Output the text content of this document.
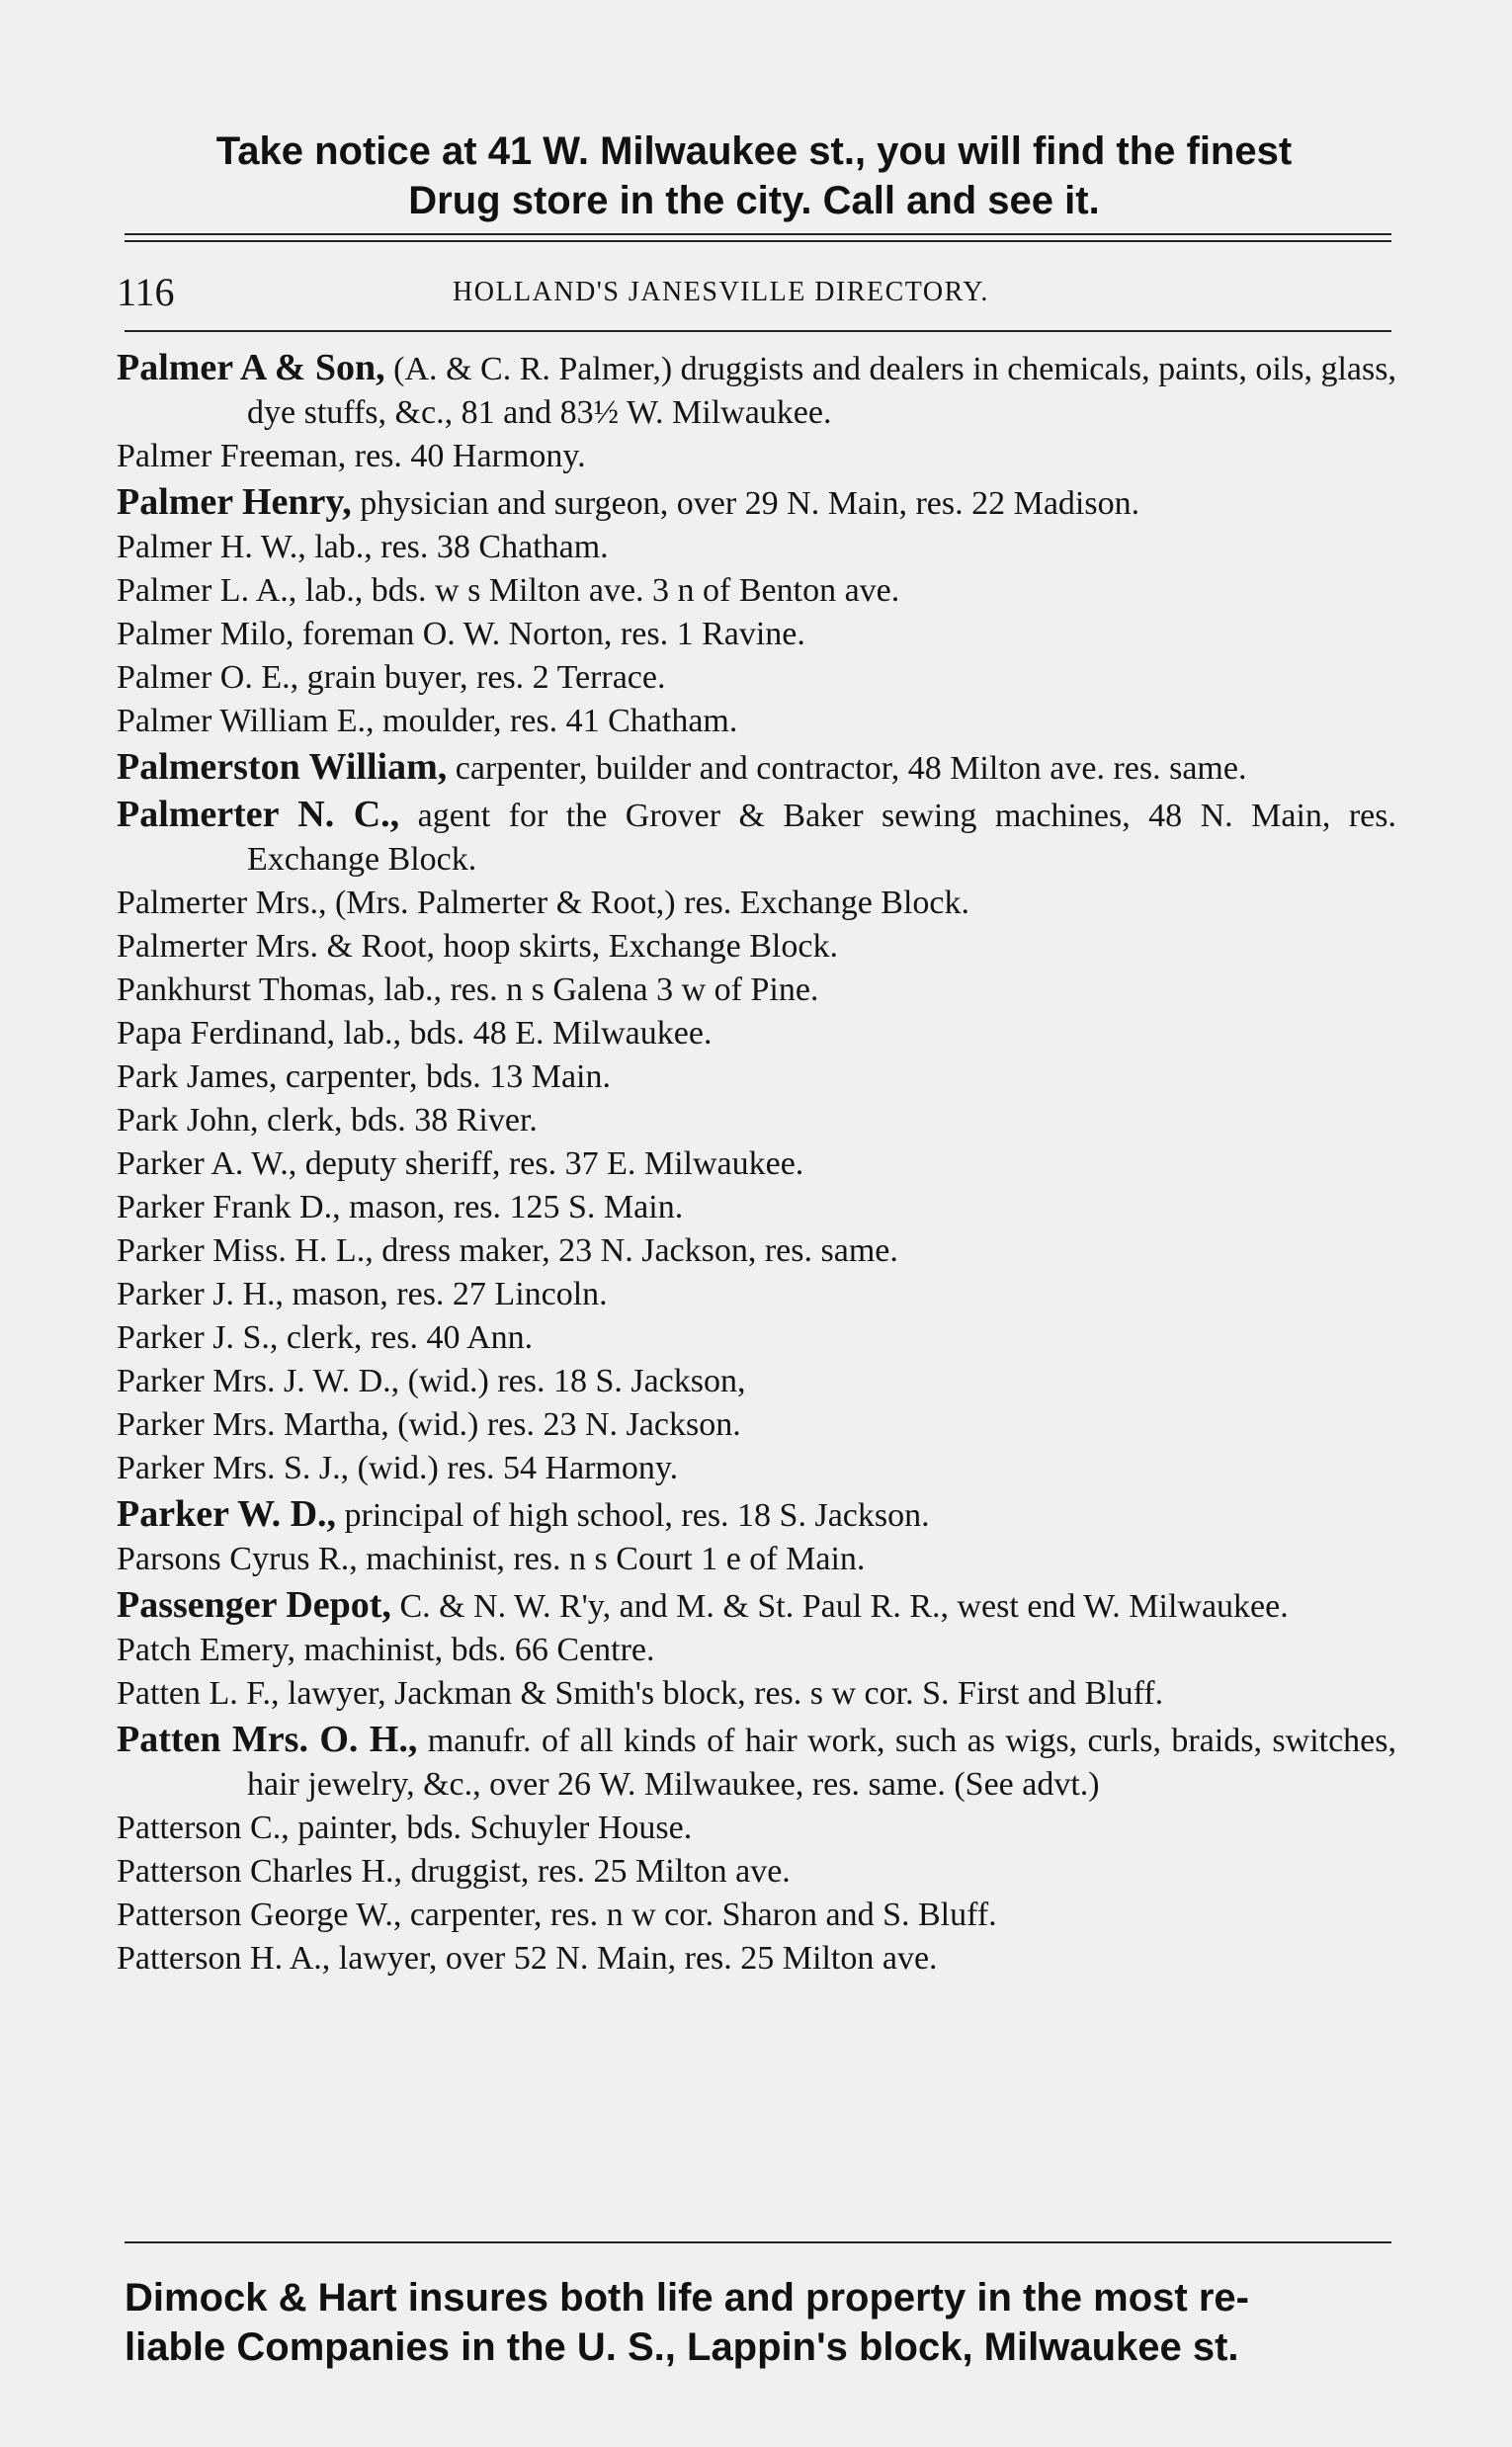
Take notice at 41 W. Milwaukee st., you will find the finest
Drug store in the city. Call and see it.
116	HOLLAND'S JANESVILLE DIRECTORY.
Palmer A & Son, (A. & C. R. Palmer,) druggists and dealers in chemicals, paints, oils, glass, dye stuffs, &c., 81 and 83½ W. Milwaukee.
Palmer Freeman, res. 40 Harmony.
Palmer Henry, physician and surgeon, over 29 N. Main, res. 22 Madison.
Palmer H. W., lab., res. 38 Chatham.
Palmer L. A., lab., bds. w s Milton ave. 3 n of Benton ave.
Palmer Milo, foreman O. W. Norton, res. 1 Ravine.
Palmer O. E., grain buyer, res. 2 Terrace.
Palmer William E., moulder, res. 41 Chatham.
Palmerston William, carpenter, builder and contractor, 48 Milton ave. res. same.
Palmerter N. C., agent for the Grover & Baker sewing machines, 48 N. Main, res. Exchange Block.
Palmerter Mrs., (Mrs. Palmerter & Root,) res. Exchange Block.
Palmerter Mrs. & Root, hoop skirts, Exchange Block.
Pankhurst Thomas, lab., res. n s Galena 3 w of Pine.
Papa Ferdinand, lab., bds. 48 E. Milwaukee.
Park James, carpenter, bds. 13 Main.
Park John, clerk, bds. 38 River.
Parker A. W., deputy sheriff, res. 37 E. Milwaukee.
Parker Frank D., mason, res. 125 S. Main.
Parker Miss. H. L., dress maker, 23 N. Jackson, res. same.
Parker J. H., mason, res. 27 Lincoln.
Parker J. S., clerk, res. 40 Ann.
Parker Mrs. J. W. D., (wid.) res. 18 S. Jackson,
Parker Mrs. Martha, (wid.) res. 23 N. Jackson.
Parker Mrs. S. J., (wid.) res. 54 Harmony.
Parker W. D., principal of high school, res. 18 S. Jackson.
Parsons Cyrus R., machinist, res. n s Court 1 e of Main.
Passenger Depot, C. & N. W. R'y, and M. & St. Paul R. R., west end W. Milwaukee.
Patch Emery, machinist, bds. 66 Centre.
Patten L. F., lawyer, Jackman & Smith's block, res. s w cor. S. First and Bluff.
Patten Mrs. O. H., manufr. of all kinds of hair work, such as wigs, curls, braids, switches, hair jewelry, &c., over 26 W. Milwaukee, res. same. (See advt.)
Patterson C., painter, bds. Schuyler House.
Patterson Charles H., druggist, res. 25 Milton ave.
Patterson George W., carpenter, res. n w cor. Sharon and S. Bluff.
Patterson H. A., lawyer, over 52 N. Main, res. 25 Milton ave.
Dimock & Hart insures both life and property in the most re-
liable Companies in the U. S., Lappin's block, Milwaukee st.
